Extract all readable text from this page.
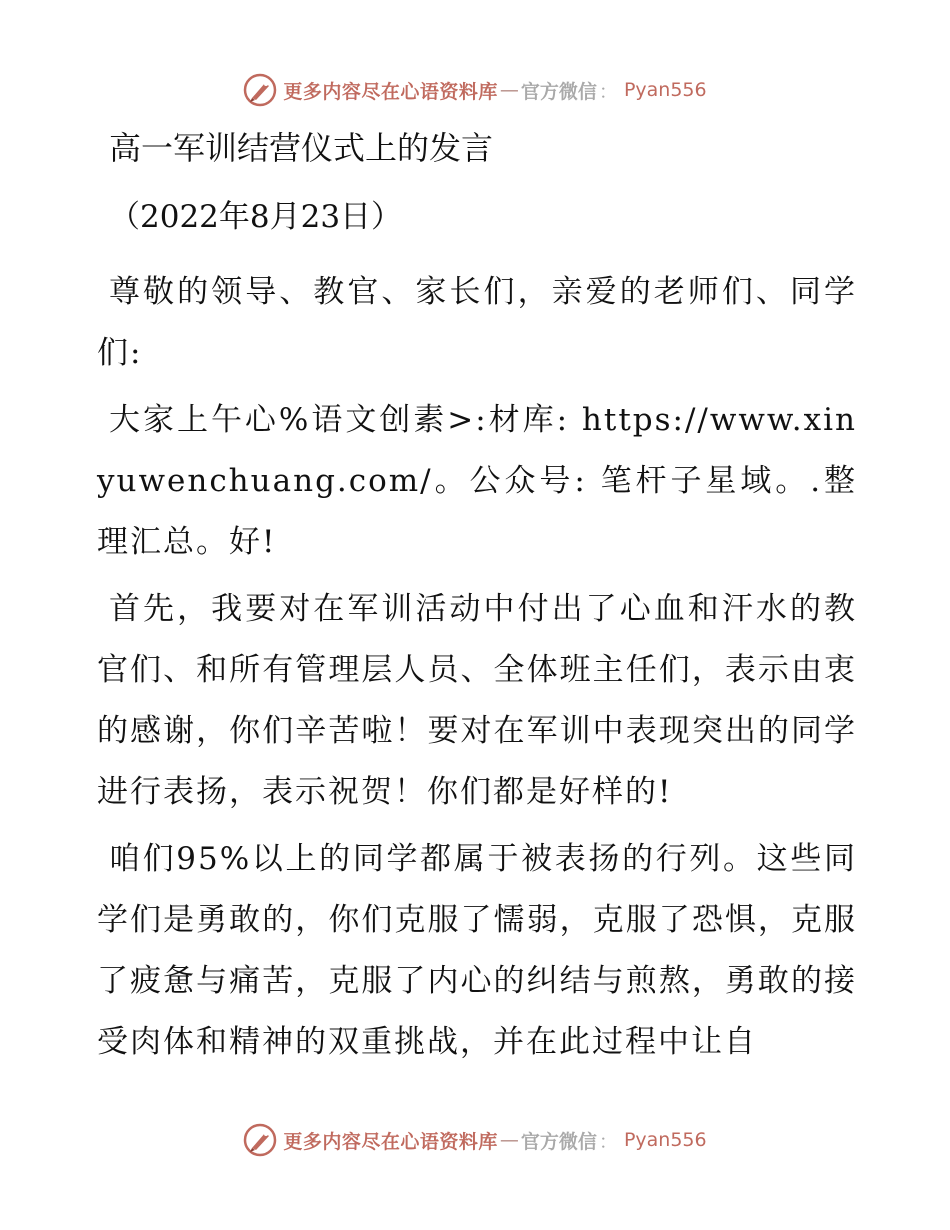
更多内容尽在心语资料库 — 官方微信 ： Pyan556
高一军训结营仪式上的发言
（2022年8月23日）

尊敬的领导、教官、家长们，亲爱的老师们、同学们:

大家上午心%语文创素>:材库: https://www.xinyuwenchuang.com/。公众号: 笔杆子星域。.整理汇总。好!

首先，我要对在军训活动中付出了心血和汗水的教官们、和所有管理层人员、全体班主任们，表示由衷的感谢，你们辛苦啦！要对在军训中表现突出的同学进行表扬，表示祝贺！你们都是好样的!

咱们95%以上的同学都属于被表扬的行列。这些同学们是勇敢的，你们克服了懦弱，克服了恐惧，克服了疲惫与痛苦，克服了内心的纠结与煎熬，勇敢的接受肉体和精神的双重挑战，并在此过程中让自

更多内容尽在心语资料库 — 官方微信 ： Pyan556
